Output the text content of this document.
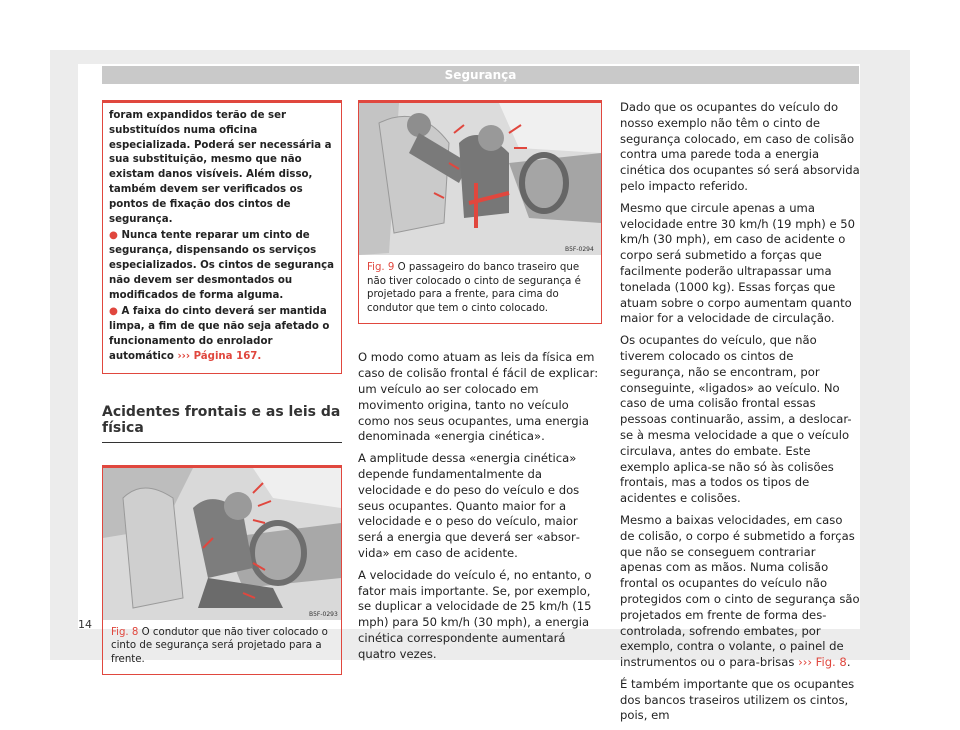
Segurança

foram expandidos terão de ser substituídos numa oficina especializada. Poderá ser necessária a sua substituição, mesmo que não existam danos visíveis. Além disso, também devem ser verificados os pontos de fixação dos cintos de segurança.

● Nunca tente reparar um cinto de segurança, dispensando os serviços especializados. Os cintos de segurança não devem ser desmontados ou modificados de forma alguma.

● A faixa do cinto deverá ser mantida limpa, a fim de que não seja afetado o funcionamento do enrolador automático ››› Página 167.

Acidentes frontais e as leis da física
B5F-0293
Fig. 8 O condutor que não tiver colocado o cinto de segurança será projetado para a frente.
B5F-0294
Fig. 9 O passageiro do banco traseiro que não tiver colocado o cinto de segurança é projetado para a frente, para cima do condutor que tem o cinto colocado.

O modo como atuam as leis da física em caso de colisão frontal é fácil de explicar: um veículo ao ser colocado em movimento origina, tanto no veículo como nos seus ocupantes, uma energia denominada «energia cinética».

A amplitude dessa «energia cinética» depende fundamentalmente da velocidade e do peso do veículo e dos seus ocupantes. Quanto maior for a velocidade e o peso do veículo, maior será a energia que deverá ser «absorvida» em caso de acidente.

A velocidade do veículo é, no entanto, o fator mais importante. Se, por exemplo, se duplicar a velocidade de 25 km/h (15 mph) para 50 km/h (30 mph), a energia cinética correspondente aumentará quatro vezes.

Dado que os ocupantes do veículo do nosso exemplo não têm o cinto de segurança colocado, em caso de colisão contra uma parede toda a energia cinética dos ocupantes só será absorvida pelo impacto referido.

Mesmo que circule apenas a uma velocidade entre 30 km/h (19 mph) e 50 km/h (30 mph), em caso de acidente o corpo será submetido a forças que facilmente poderão ultrapassar uma tonelada (1000 kg). Essas forças que atuam sobre o corpo aumentam quanto maior for a velocidade de circulação.

Os ocupantes do veículo, que não tiverem colocado os cintos de segurança, não se encontram, por conseguinte, «ligados» ao veículo. No caso de uma colisão frontal essas pessoas continuarão, assim, a deslocar-se à mesma velocidade a que o veículo circulava, antes do embate. Este exemplo aplica-se não só às colisões frontais, mas a todos os tipos de acidentes e colisões.

Mesmo a baixas velocidades, em caso de colisão, o corpo é submetido a forças que não se conseguem contrariar apenas com as mãos. Numa colisão frontal os ocupantes do veículo não protegidos com o cinto de segurança são projetados em frente de forma descontrolada, sofrendo embates, por exemplo, contra o volante, o painel de instrumentos ou o para-brisas ››› Fig. 8.

É também importante que os ocupantes dos bancos traseiros utilizem os cintos, pois, em

14
